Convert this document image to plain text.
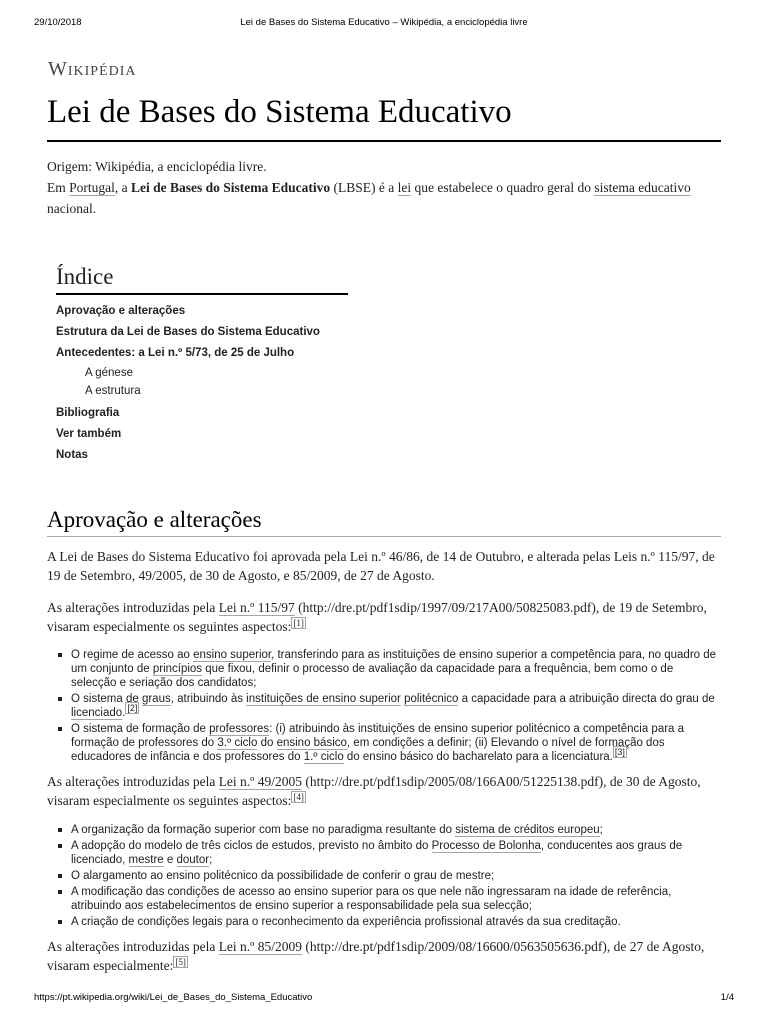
29/10/2018	Lei de Bases do Sistema Educativo – Wikipédia, a enciclopédia livre
Wikipédia
Lei de Bases do Sistema Educativo

Origem: Wikipédia, a enciclopédia livre.

Em Portugal, a Lei de Bases do Sistema Educativo (LBSE) é a lei que estabelece o quadro geral do sistema educativo nacional.

Índice
Aprovação e alterações
Estrutura da Lei de Bases do Sistema Educativo
Antecedentes: a Lei n.º 5/73, de 25 de Julho
A génese
A estrutura
Bibliografia
Ver também
Notas
Aprovação e alterações

A Lei de Bases do Sistema Educativo foi aprovada pela Lei n.º 46/86, de 14 de Outubro, e alterada pelas Leis n.º 115/97, de 19 de Setembro, 49/2005, de 30 de Agosto, e 85/2009, de 27 de Agosto.

As alterações introduzidas pela Lei n.º 115/97 (http://dre.pt/pdf1sdip/1997/09/217A00/50825083.pdf), de 19 de Setembro, visaram especialmente os seguintes aspectos: [1]

O regime de acesso ao ensino superior, transferindo para as instituições de ensino superior a competência para, no quadro de um conjunto de princípios que fixou, definir o processo de avaliação da capacidade para a frequência, bem como o de selecção e seriação dos candidatos;
O sistema de graus, atribuindo às instituições de ensino superior politécnico a capacidade para a atribuição directa do grau de licenciado. [2]
O sistema de formação de professores: (i) atribuindo às instituições de ensino superior politécnico a competência para a formação de professores do 3.º ciclo do ensino básico, em condições a definir; (ii) Elevando o nível de formação dos educadores de infância e dos professores do 1.º ciclo do ensino básico do bacharelato para a licenciatura. [3]

As alterações introduzidas pela Lei n.º 49/2005 (http://dre.pt/pdf1sdip/2005/08/166A00/51225138.pdf), de 30 de Agosto, visaram especialmente os seguintes aspectos: [4]

A organização da formação superior com base no paradigma resultante do sistema de créditos europeu;
A adopção do modelo de três ciclos de estudos, previsto no âmbito do Processo de Bolonha, conducentes aos graus de licenciado, mestre e doutor;
O alargamento ao ensino politécnico da possibilidade de conferir o grau de mestre;
A modificação das condições de acesso ao ensino superior para os que nele não ingressaram na idade de referência, atribuindo aos estabelecimentos de ensino superior a responsabilidade pela sua selecção;
A criação de condições legais para o reconhecimento da experiência profissional através da sua creditação.

As alterações introduzidas pela Lei n.º 85/2009 (http://dre.pt/pdf1sdip/2009/08/16600/0563505636.pdf), de 27 de Agosto, visaram especialmente: [5]

https://pt.wikipedia.org/wiki/Lei_de_Bases_do_Sistema_Educativo	1/4
